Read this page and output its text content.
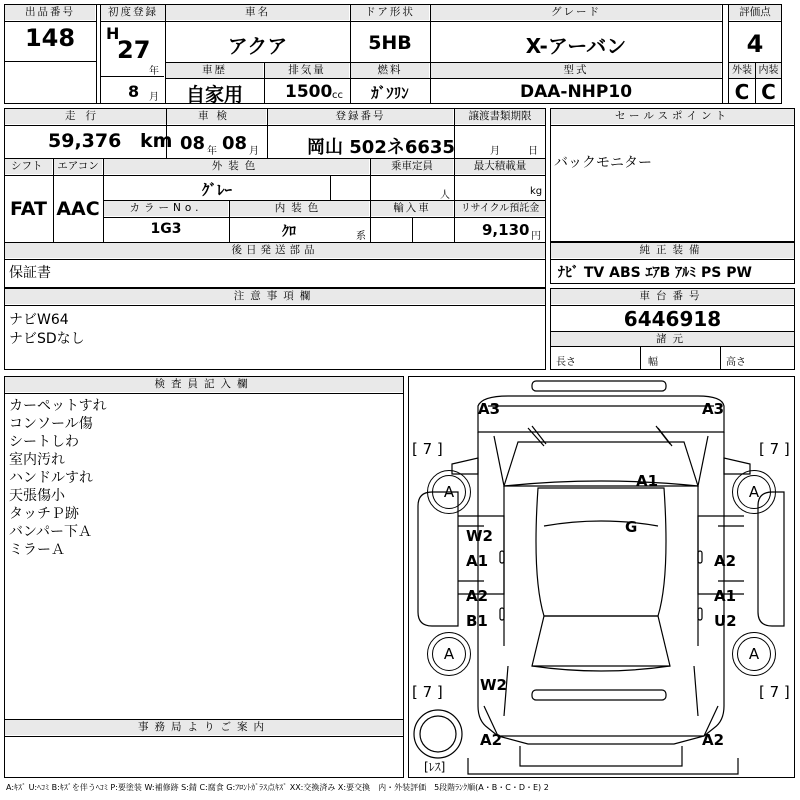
出品番号
148
初度登録
H
27
年
8 月
車名
アクア
ドア形状
5HB
グレード
X-アーバン
評価点
4
外装 内装
C C
車歴	排気量	燃料	型式
自家用	1500 cc	ｶﾞｿﾘﾝ	DAA-NHP10
走行	車検	登録番号	譲渡書類期限
59,376 km 08 年 08 月	岡山 502ネ6635	月	日
セールスポイント
バックモニター
シフト	エアコン	外装色	乗車定員	最大積載量
FAT AAC
ｸﾞﾚｰ	人	kg
カラーNo.	内装色	輸入車	リサイクル預託金
1G3	ｸﾛ	系	9,130 円
後日発送部品
保証書
純正装備
ﾅﾋﾞ TV ABS ｴｱB ｱﾙﾐ PS PW
注意事項欄
ナビW64
ナビSDなし
車台番号
6446918
諸元
長さ	幅	高さ
検査員記入欄
カーペットすれ
コンソール傷
シートしわ
室内汚れ
ハンドルすれ
天張傷小
タッチＰ跡
バンパー下Ａ
ミラーＡ
事務局よりご案内
A	A
A	A
A3	A3
[ 7 ]	[ 7 ]
[ 7 ]	[ 7 ]
A1
G
W2
A1
A2
B1
A2
A1
U2
W2
A2	A2
[ﾚｽ]
A:ｷｽﾞ U:ﾍｺﾐ B:ｷｽﾞを伴うﾍｺﾐ P:要塗装 W:補修跡 S:錆 C:腐食 G:ﾌﾛﾝﾄｶﾞﾗｽ点ｷｽﾞ XX:交換済み X:要交換　内・外装評価　5段階ﾗﾝｸ順(A・B・C・D・E) 2
